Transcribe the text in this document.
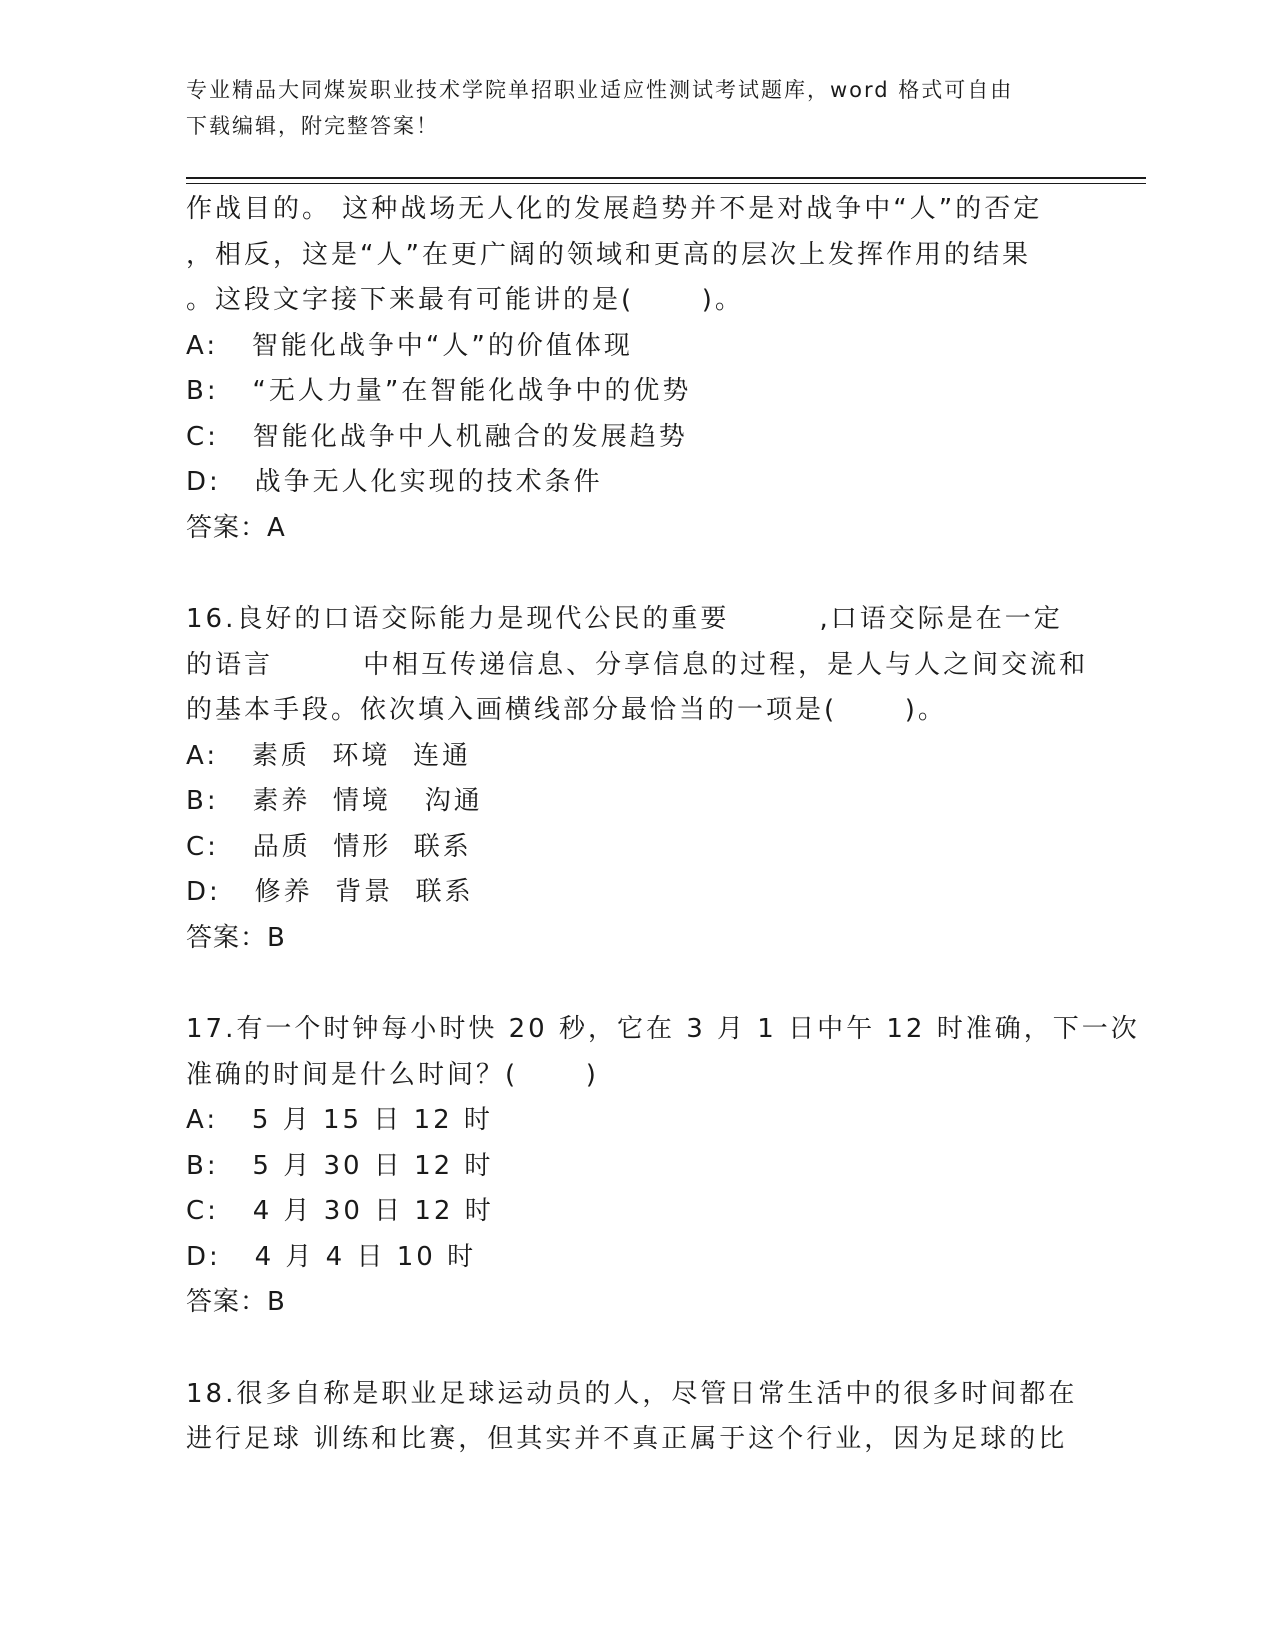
专业精品大同煤炭职业技术学院单招职业适应性测试考试题库，word 格式可自由
下载编辑，附完整答案！
作战目的。 这种战场无人化的发展趋势并不是对战争中“人”的否定
，相反，这是“人”在更广阔的领域和更高的层次上发挥作用的结果
。这段文字接下来最有可能讲的是(      )。
A:   智能化战争中“人”的价值体现
B:   “无人力量”在智能化战争中的优势
C:   智能化战争中人机融合的发展趋势
D:   战争无人化实现的技术条件
答案：A
16.良好的口语交际能力是现代公民的重要        ,口语交际是在一定
的语言        中相互传递信息、分享信息的过程，是人与人之间交流和
的基本手段。依次填入画横线部分最恰当的一项是(      )。
A:   素质  环境  连通
B:   素养  情境   沟通
C:   品质  情形  联系
D:   修养  背景  联系
答案：B
17.有一个时钟每小时快 20 秒，它在 3 月 1 日中午 12 时准确，下一次
准确的时间是什么时间？(      )
A:   5 月 15 日 12 时
B:   5 月 30 日 12 时
C:   4 月 30 日 12 时
D:   4 月 4 日 10 时
答案：B
18.很多自称是职业足球运动员的人，尽管日常生活中的很多时间都在
进行足球 训练和比赛，但其实并不真正属于这个行业，因为足球的比
